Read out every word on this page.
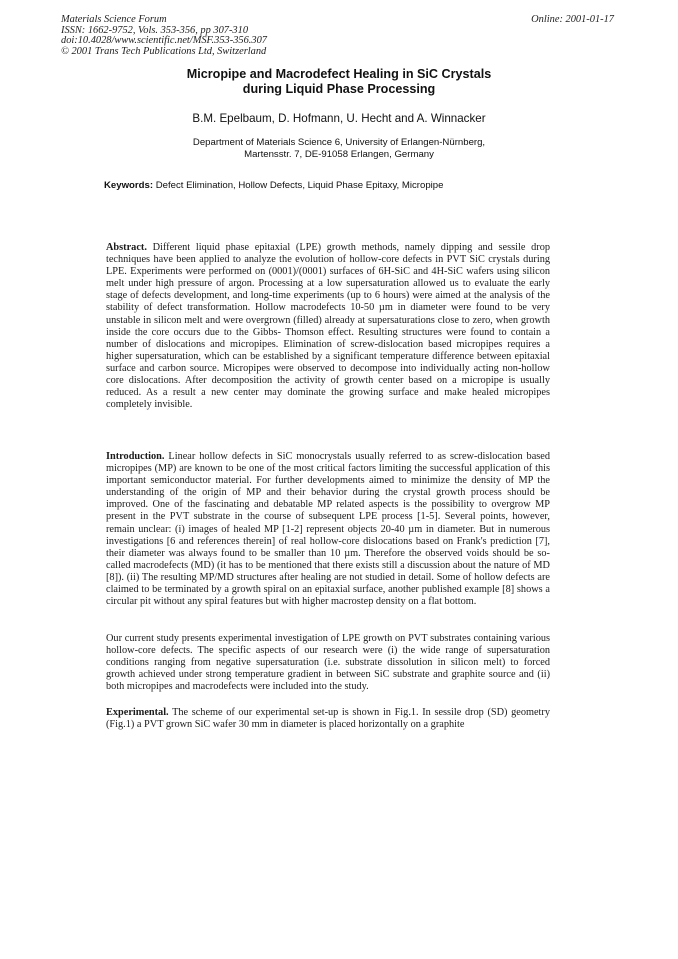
Materials Science Forum
ISSN: 1662-9752, Vols. 353-356, pp 307-310
doi:10.4028/www.scientific.net/MSF.353-356.307
© 2001 Trans Tech Publications Ltd, Switzerland
Online: 2001-01-17
Micropipe and Macrodefect Healing in SiC Crystals
during Liquid Phase Processing
B.M. Epelbaum, D. Hofmann, U. Hecht and A. Winnacker
Department of Materials Science 6, University of Erlangen-Nürnberg,
Martensstr. 7, DE-91058 Erlangen, Germany
Keywords: Defect Elimination, Hollow Defects, Liquid Phase Epitaxy, Micropipe

Abstract. Different liquid phase epitaxial (LPE) growth methods, namely dipping and sessile drop techniques have been applied to analyze the evolution of hollow-core defects in PVT SiC crystals during LPE. Experiments were performed on (0001)/(0001) surfaces of 6H-SiC and 4H-SiC wafers using silicon melt under high pressure of argon. Processing at a low supersaturation allowed us to evaluate the early stage of defects development, and long-time experiments (up to 6 hours) were aimed at the analysis of the stability of defect transformation. Hollow macrodefects 10-50 µm in diameter were found to be very unstable in silicon melt and were overgrown (filled) already at supersaturations close to zero, when growth inside the core occurs due to the Gibbs- Thomson effect. Resulting structures were found to contain a number of dislocations and micropipes. Elimination of screw-dislocation based micropipes requires a higher supersaturation, which can be established by a significant temperature difference between epitaxial surface and carbon source. Micropipes were observed to decompose into individually acting non-hollow core dislocations. After decomposition the activity of growth center based on a micropipe is usually reduced. As a result a new center may dominate the growing surface and make healed micropipes completely invisible.

Introduction. Linear hollow defects in SiC monocrystals usually referred to as screw-dislocation based micropipes (MP) are known to be one of the most critical factors limiting the successful application of this important semiconductor material. For further developments aimed to minimize the density of MP the understanding of the origin of MP and their behavior during the crystal growth process should be improved. One of the fascinating and debatable MP related aspects is the possibility to overgrow MP present in the PVT substrate in the course of subsequent LPE process [1-5]. Several points, however, remain unclear: (i) images of healed MP [1-2] represent objects 20-40 µm in diameter. But in numerous investigations [6 and references therein] of real hollow-core dislocations based on Frank's prediction [7], their diameter was always found to be smaller than 10 µm. Therefore the observed voids should be so-called macrodefects (MD) (it has to be mentioned that there exists still a discussion about the nature of MD [8]). (ii) The resulting MP/MD structures after healing are not studied in detail. Some of hollow defects are claimed to be terminated by a growth spiral on an epitaxial surface, another published example [8] shows a circular pit without any spiral features but with higher macrostep density on a flat bottom.

Our current study presents experimental investigation of LPE growth on PVT substrates containing various hollow-core defects. The specific aspects of our research were (i) the wide range of supersaturation conditions ranging from negative supersaturation (i.e. substrate dissolution in silicon melt) to forced growth achieved under strong temperature gradient in between SiC substrate and graphite source and (ii) both micropipes and macrodefects were included into the study.

Experimental. The scheme of our experimental set-up is shown in Fig.1. In sessile drop (SD) geometry (Fig.1) a PVT grown SiC wafer 30 mm in diameter is placed horizontally on a graphite
